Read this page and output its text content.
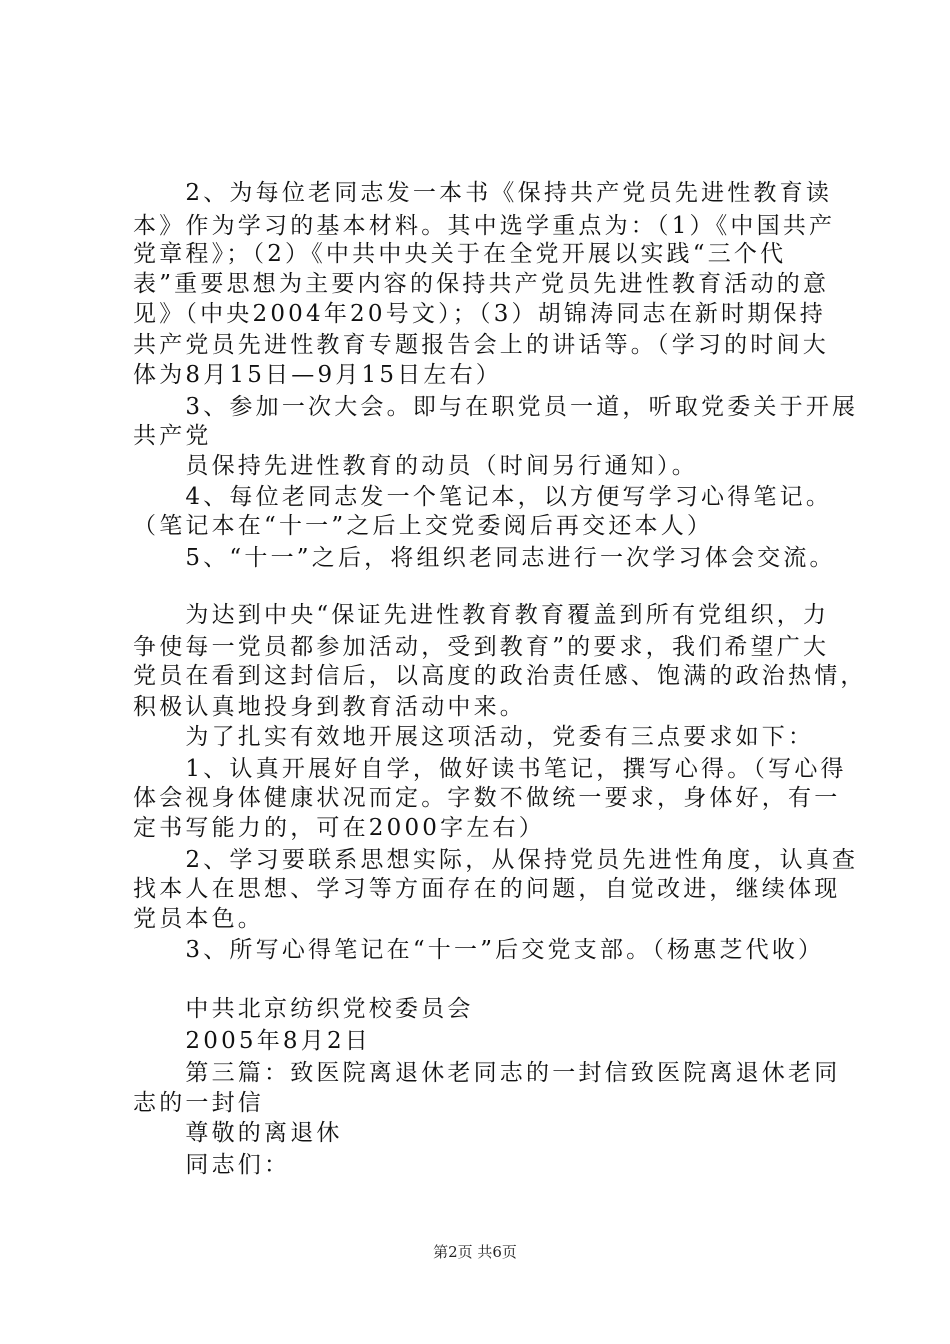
　　2、为每位老同志发一本书《保持共产党员先进性教育读
本》作为学习的基本材料。其中选学重点为：（1）《中国共产
党章程》；（2）《中共中央关于在全党开展以实践“三个代
表”重要思想为主要内容的保持共产党员先进性教育活动的意
见》（中央2004年20号文）；（3）胡锦涛同志在新时期保持
共产党员先进性教育专题报告会上的讲话等。（学习的时间大
体为8月15日—9月15日左右）
　　3、参加一次大会。即与在职党员一道，听取党委关于开展
共产党
　　员保持先进性教育的动员（时间另行通知）。
　　4、每位老同志发一个笔记本，以方便写学习心得笔记。
（笔记本在“十一”之后上交党委阅后再交还本人）
　　5、“十一”之后，将组织老同志进行一次学习体会交流。
　　为达到中央“保证先进性教育教育覆盖到所有党组织，力
争使每一党员都参加活动，受到教育”的要求，我们希望广大
党员在看到这封信后，以高度的政治责任感、饱满的政治热情，
积极认真地投身到教育活动中来。
　　为了扎实有效地开展这项活动，党委有三点要求如下：
　　1、认真开展好自学，做好读书笔记，撰写心得。（写心得
体会视身体健康状况而定。字数不做统一要求，身体好，有一
定书写能力的，可在2000字左右）
　　2、学习要联系思想实际，从保持党员先进性角度，认真查
找本人在思想、学习等方面存在的问题，自觉改进，继续体现
党员本色。
　　3、所写心得笔记在“十一”后交党支部。（杨惠芝代收）
　　中共北京纺织党校委员会
　　2005年8月2日
　　第三篇：致医院离退休老同志的一封信致医院离退休老同
志的一封信
　　尊敬的离退休
　　同志们：
第2页 共6页
